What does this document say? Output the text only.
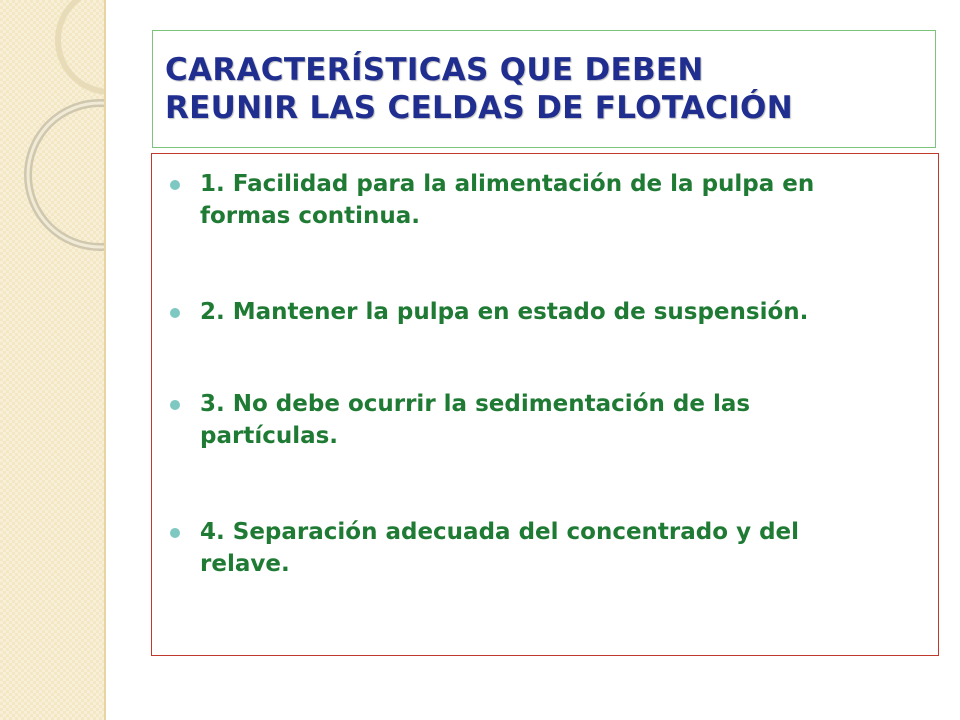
CARACTERÍSTICAS QUE DEBEN
REUNIR LAS CELDAS DE FLOTACIÓN
1. Facilidad para la alimentación de la pulpa en
formas continua.
2. Mantener la pulpa en estado de suspensión.
3. No debe ocurrir la sedimentación de las
partículas.
4. Separación adecuada del concentrado y del
relave.
